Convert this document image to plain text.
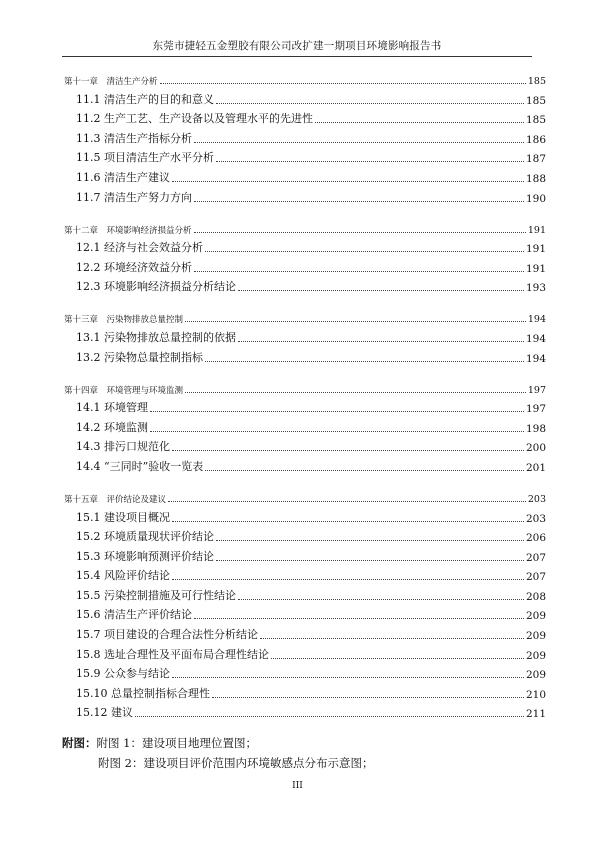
东莞市捷轻五金塑胶有限公司改扩建一期项目环境影响报告书
第十一章　清洁生产分析	185
11.1 清洁生产的目的和意义	185
11.2 生产工艺、生产设备以及管理水平的先进性	185
11.3 清洁生产指标分析	186
11.5 项目清洁生产水平分析	187
11.6 清洁生产建议	188
11.7 清洁生产努力方向	190
第十二章　环境影响经济损益分析	191
12.1 经济与社会效益分析	191
12.2 环境经济效益分析	191
12.3 环境影响经济损益分析结论	193
第十三章　污染物排放总量控制	194
13.1 污染物排放总量控制的依据	194
13.2 污染物总量控制指标	194
第十四章　环境管理与环境监测	197
14.1 环境管理	197
14.2 环境监测	198
14.3 排污口规范化	200
14.4 “三同时”验收一览表	201
第十五章　评价结论及建议	203
15.1 建设项目概况	203
15.2 环境质量现状评价结论	206
15.3 环境影响预测评价结论	207
15.4 风险评价结论	207
15.5 污染控制措施及可行性结论	208
15.6 清洁生产评价结论	209
15.7 项目建设的合理合法性分析结论	209
15.8 选址合理性及平面布局合理性结论	209
15.9 公众参与结论	209
15.10 总量控制指标合理性	210
15.12 建议	211
附图：附图 1：建设项目地理位置图；
附图 2：建设项目评价范围内环境敏感点分布示意图；
III
